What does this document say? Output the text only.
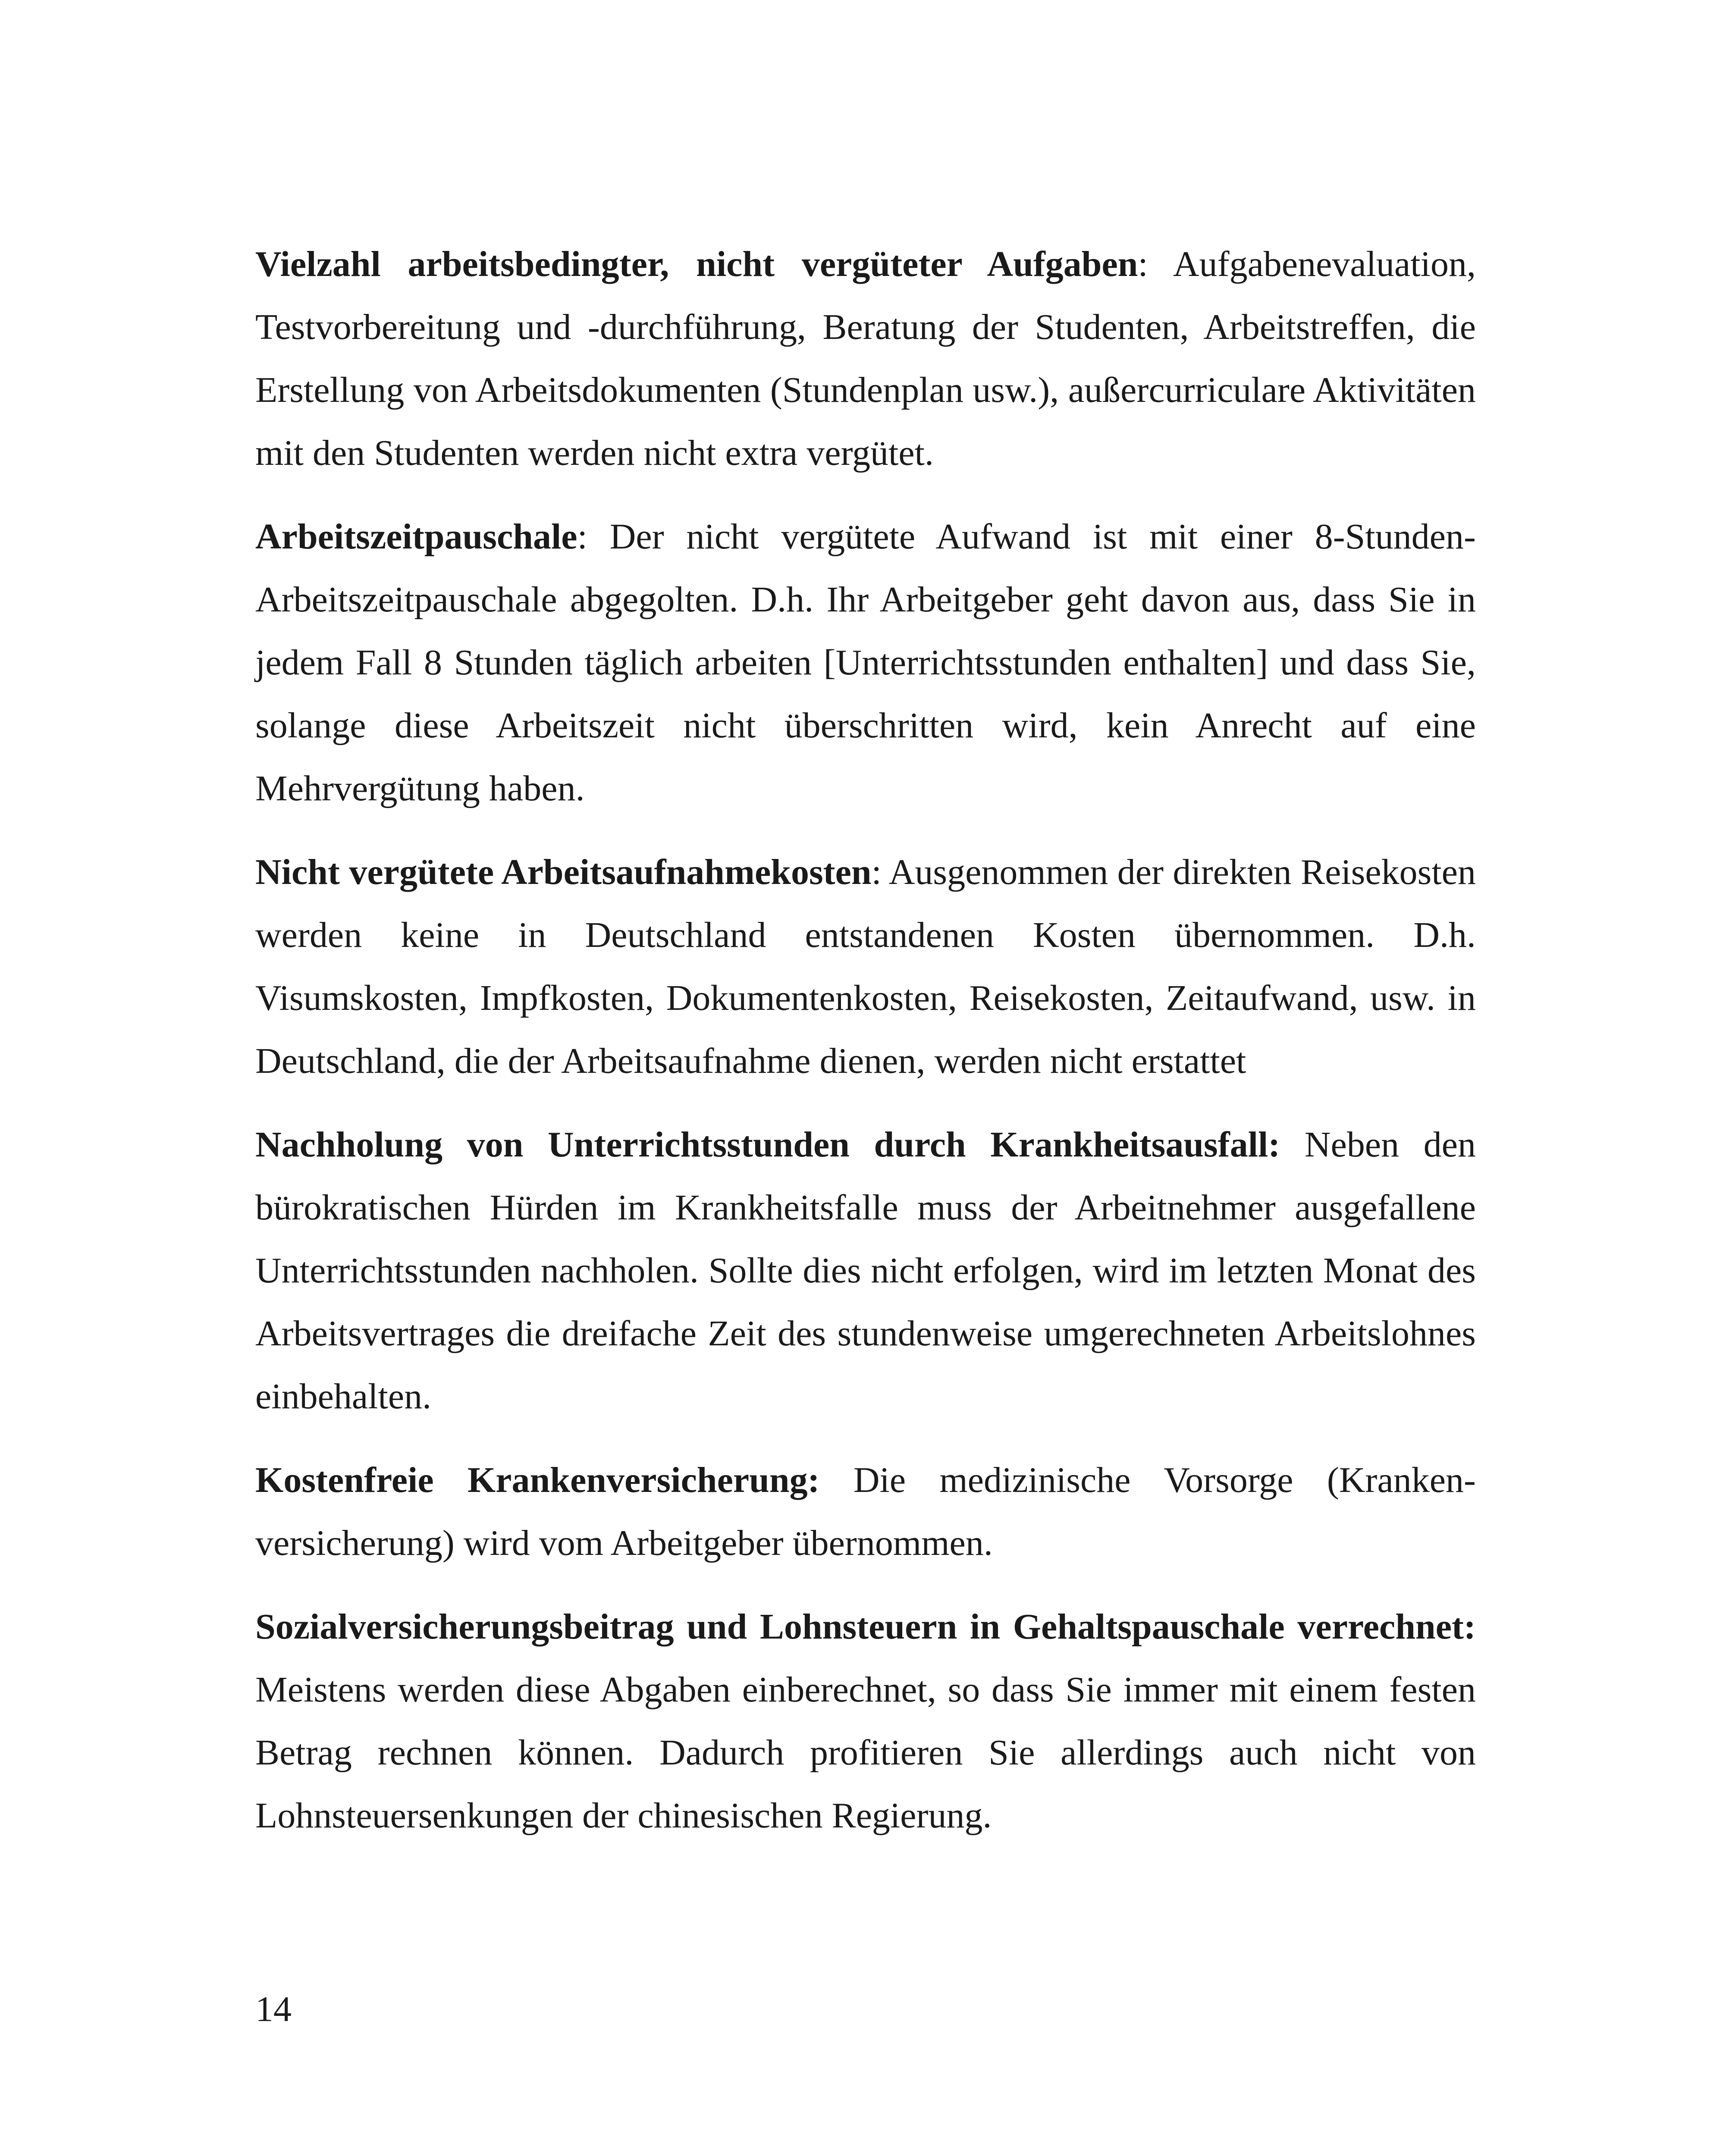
Vielzahl arbeitsbedingter, nicht vergüteter Aufgaben: Aufgabenevaluation, Testvorbereitung und -durchführung, Beratung der Studenten, Arbeitstreffen, die Erstellung von Arbeitsdokumenten (Stundenplan usw.), außercurriculare Aktivitäten mit den Studenten werden nicht extra vergütet.

Arbeitszeitpauschale: Der nicht vergütete Aufwand ist mit einer 8-Stunden-Arbeitszeitpauschale abgegolten. D.h. Ihr Arbeitgeber geht davon aus, dass Sie in jedem Fall 8 Stunden täglich arbeiten [Unterrichtsstunden enthalten] und dass Sie, solange diese Arbeitszeit nicht überschritten wird, kein Anrecht auf eine Mehrvergütung haben.

Nicht vergütete Arbeitsaufnahmekosten: Ausgenommen der direkten Reisekosten werden keine in Deutschland entstandenen Kosten übernommen. D.h. Visumskosten, Impfkosten, Dokumentenkosten, Reisekosten, Zeitaufwand, usw. in Deutschland, die der Arbeitsaufnahme dienen, werden nicht erstattet

Nachholung von Unterrichtsstunden durch Krankheitsausfall: Neben den bürokratischen Hürden im Krankheitsfalle muss der Arbeitnehmer ausgefallene Unterrichtsstunden nachholen. Sollte dies nicht erfolgen, wird im letzten Monat des Arbeitsvertrages die dreifache Zeit des stundenweise umgerechneten Arbeitslohnes einbehalten.

Kostenfreie Krankenversicherung: Die medizinische Vorsorge (Kranken-versicherung) wird vom Arbeitgeber übernommen.

Sozialversicherungsbeitrag und Lohnsteuern in Gehaltspauschale verrechnet: Meistens werden diese Abgaben einberechnet, so dass Sie immer mit einem festen Betrag rechnen können. Dadurch profitieren Sie allerdings auch nicht von Lohnsteuersenkungen der chinesischen Regierung.

14
